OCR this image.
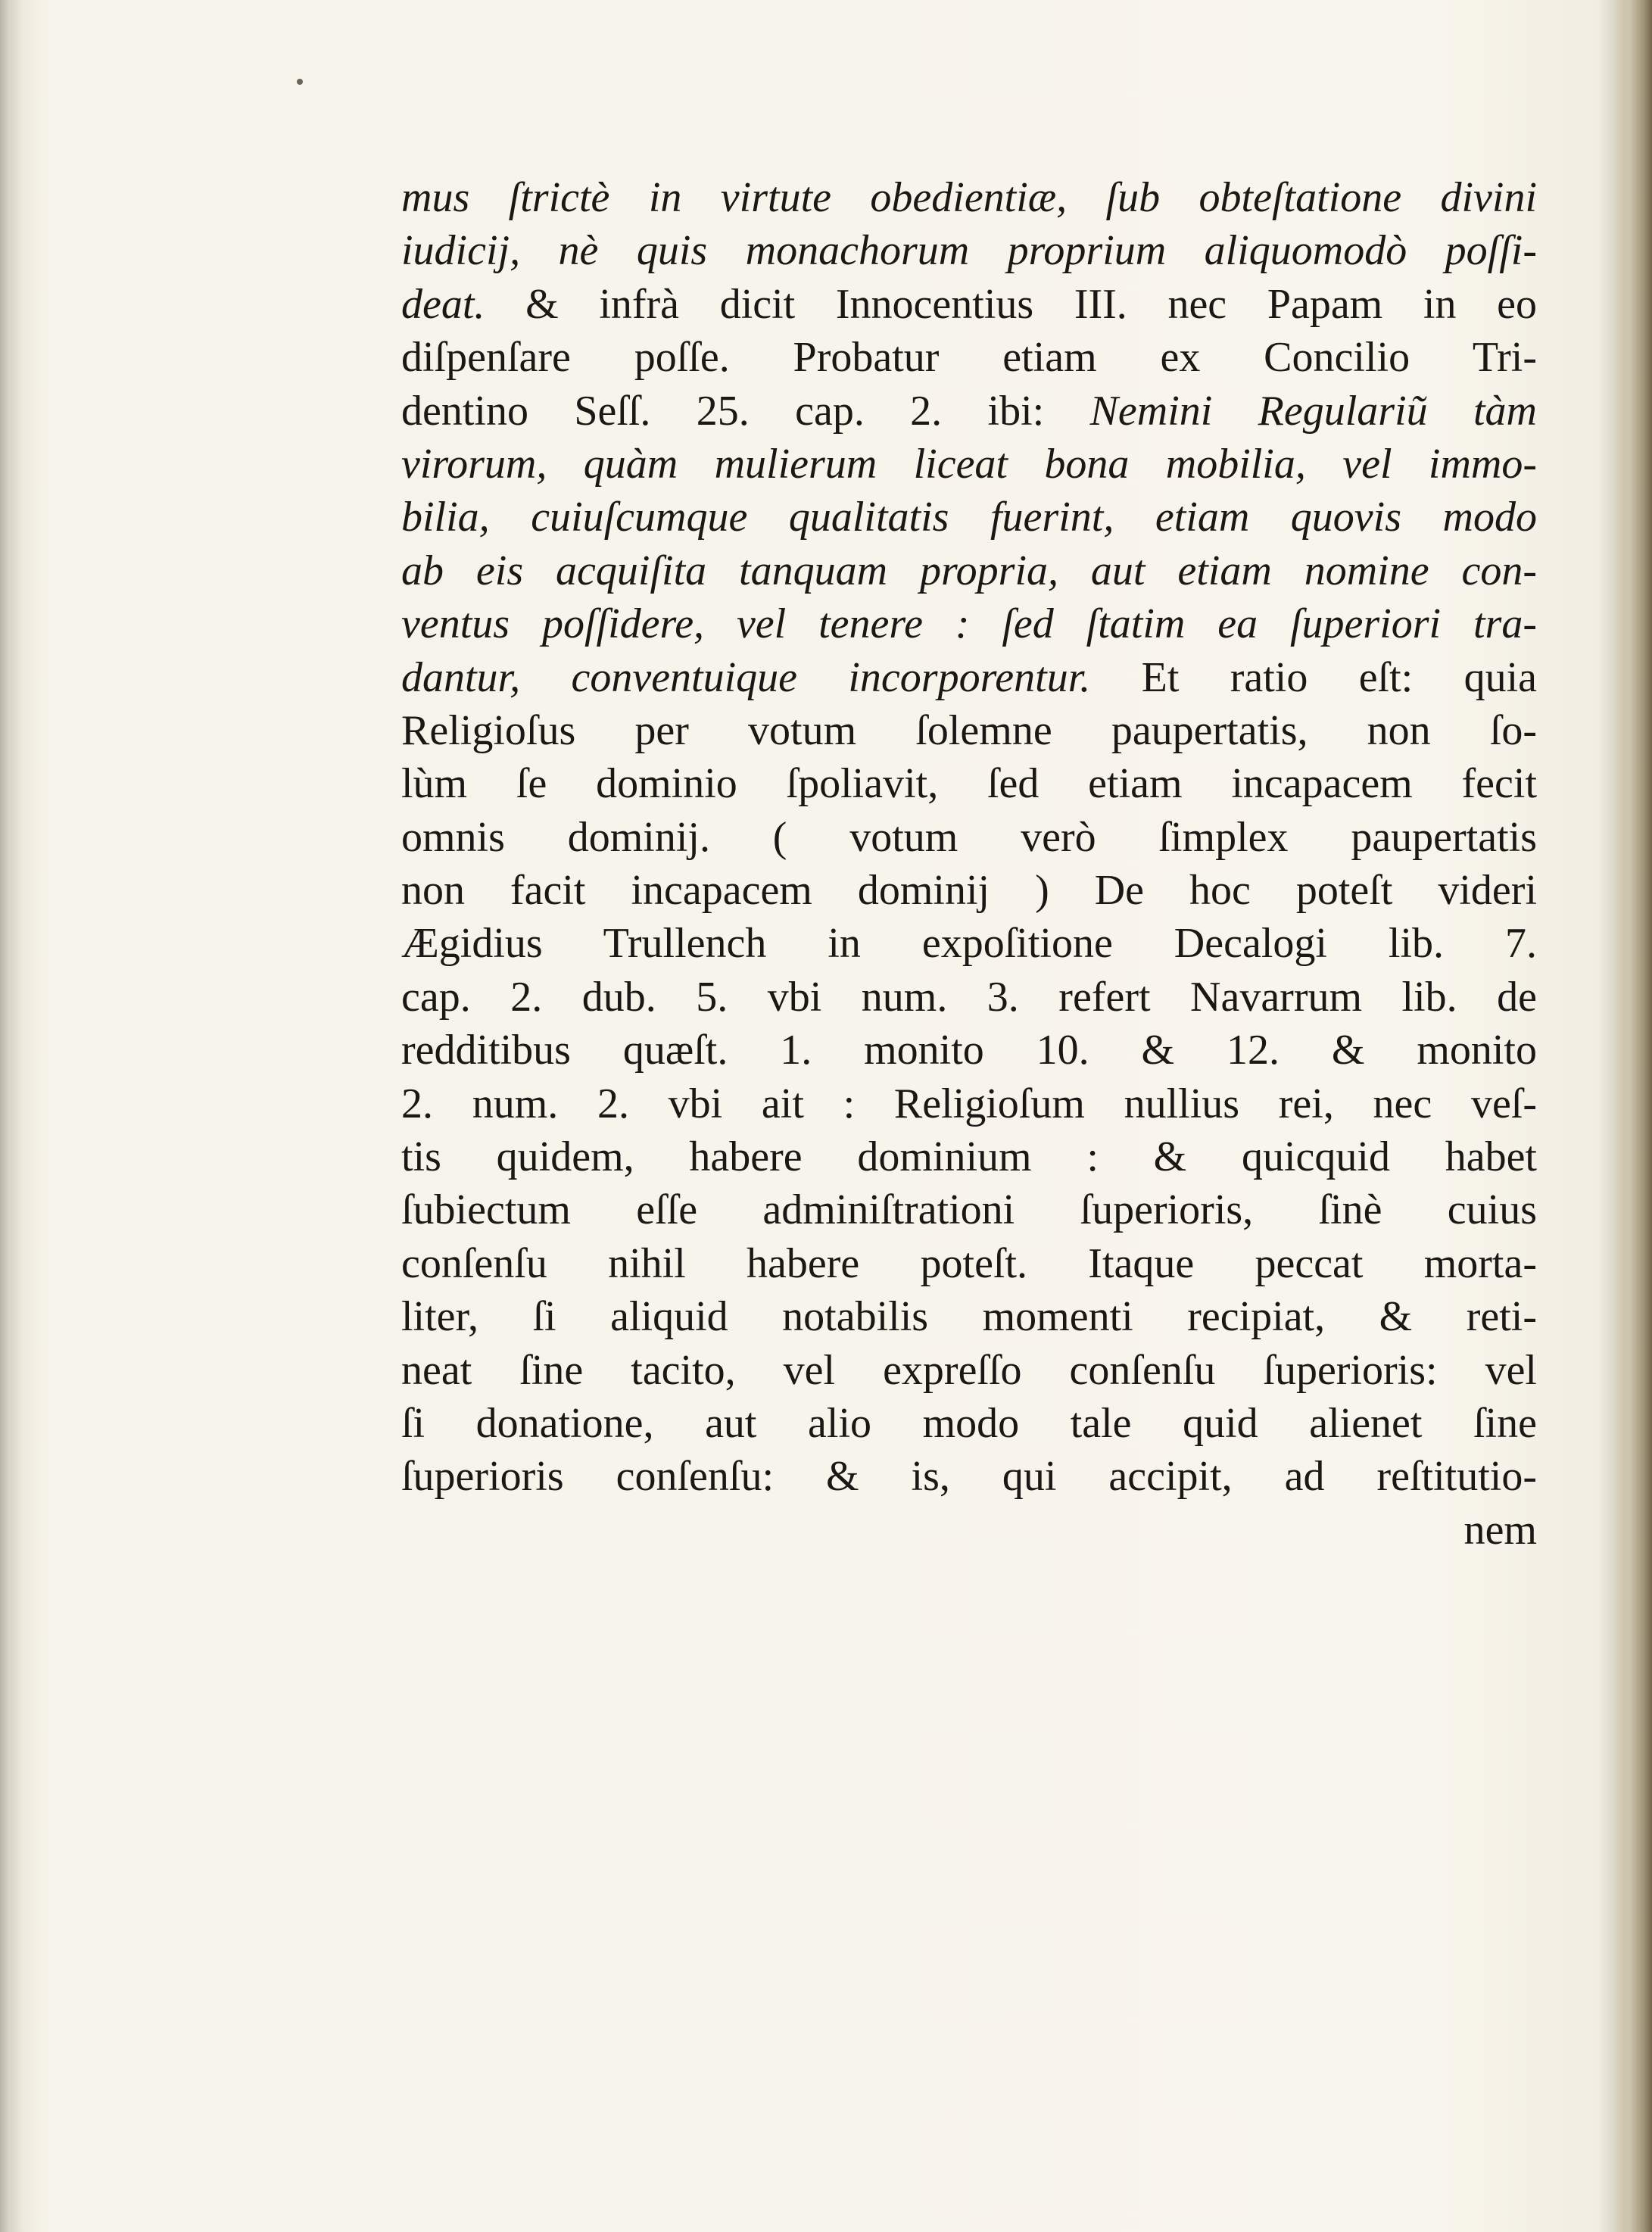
mus ſtrictè in virtute obedientiæ, ſub obteſtatione divini
iudicij, nè quis monachorum proprium aliquomodò poſſi-
deat. & infrà dicit Innocentius III. nec Papam in eo
diſpenſare poſſe. Probatur etiam ex Concilio Tri-
dentino Seſſ. 25. cap. 2. ibi: Nemini Regulariũ tàm
virorum, quàm mulierum liceat bona mobilia, vel immo-
bilia, cuiuſcumque qualitatis fuerint, etiam quovis modo
ab eis acquiſita tanquam propria, aut etiam nomine con-
ventus poſſidere, vel tenere : ſed ſtatim ea ſuperiori tra-
dantur, conventuique incorporentur. Et ratio eſt: quia
Religioſus per votum ſolemne paupertatis, non ſo-
lùm ſe dominio ſpoliavit, ſed etiam incapacem fecit
omnis dominij. ( votum verò ſimplex paupertatis
non facit incapacem dominij ) De hoc poteſt videri
Ægidius Trullench in expoſitione Decalogi lib. 7.
cap. 2. dub. 5. vbi num. 3. refert Navarrum lib. de
redditibus quæſt. 1. monito 10. & 12. & monito
2. num. 2. vbi ait : Religioſum nullius rei, nec veſ-
tis quidem, habere dominium : & quicquid habet
ſubiectum eſſe adminiſtrationi ſuperioris, ſinè cuius
conſenſu nihil habere poteſt. Itaque peccat morta-
liter, ſi aliquid notabilis momenti recipiat, & reti-
neat ſine tacito, vel expreſſo conſenſu ſuperioris: vel
ſi donatione, aut alio modo tale quid alienet ſine
ſuperioris conſenſu: & is, qui accipit, ad reſtitutio-
nem
